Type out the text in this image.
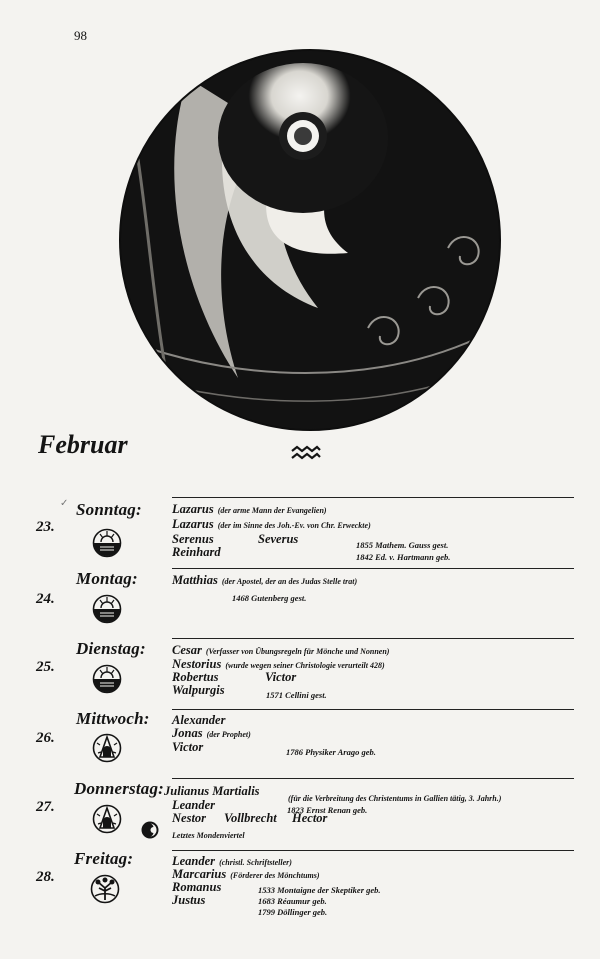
98
Februar
✓ Sonntag:
23.
Lazarus (der arme Mann der Evangelien)
Lazarus (der im Sinne des Joh.-Ev. von Chr. Erweckte)
Serenus	Severus	1855 Mathem. Gauss gest.
Reinhard	1842 Ed. v. Hartmann geb.
Montag:
24.
Matthias (der Apostel, der an des Judas Stelle trat)
1468 Gutenberg gest.
Dienstag:
25.
Cesar (Verfasser von Übungsregeln für Mönche und Nonnen)
Nestorius (wurde wegen seiner Christologie verurteilt 428)
Robertus	Victor
Walpurgis	1571 Cellini gest.
Mittwoch:
26.
Alexander
Jonas (der Prophet)
Victor	1786 Physiker Arago geb.
Donnerstag:
27.
Julianus Martialis
(für die Verbreitung des Christentums in Gallien tätig, 3. Jahrh.)
Leander	1823 Ernst Renan geb.
Nestor Vollbrecht Hector
Letztes Mondenviertel
Freitag:
28.
Leander (christl. Schriftsteller)
Marcarius (Förderer des Mönchtums)
Romanus	1533 Montaigne der Skeptiker geb.
Justus	1683 Réaumur geb.
1799 Döllinger geb.
